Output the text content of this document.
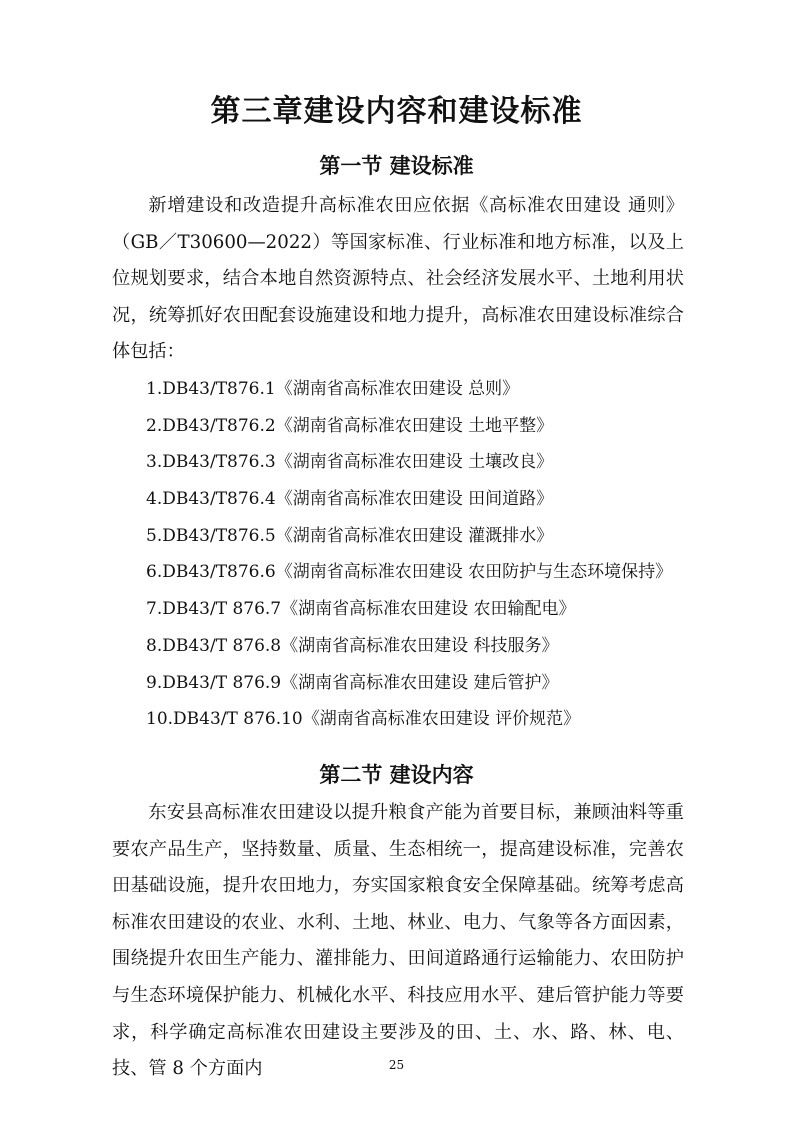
第三章建设内容和建设标准
第一节 建设标准

新增建设和改造提升高标准农田应依据《高标准农田建设 通则》（GB／T30600—2022）等国家标准、行业标准和地方标准，以及上位规划要求，结合本地自然资源特点、社会经济发展水平、土地利用状况，统筹抓好农田配套设施建设和地力提升，高标准农田建设标准综合体包括：

1.DB43/T876.1《湖南省高标准农田建设 总则》
2.DB43/T876.2《湖南省高标准农田建设 土地平整》
3.DB43/T876.3《湖南省高标准农田建设 土壤改良》
4.DB43/T876.4《湖南省高标准农田建设 田间道路》
5.DB43/T876.5《湖南省高标准农田建设 灌溉排水》
6.DB43/T876.6《湖南省高标准农田建设 农田防护与生态环境保持》
7.DB43/T 876.7《湖南省高标准农田建设 农田输配电》
8.DB43/T 876.8《湖南省高标准农田建设 科技服务》
9.DB43/T 876.9《湖南省高标准农田建设 建后管护》
10.DB43/T 876.10《湖南省高标准农田建设 评价规范》
第二节 建设内容

东安县高标准农田建设以提升粮食产能为首要目标，兼顾油料等重要农产品生产，坚持数量、质量、生态相统一，提高建设标准，完善农田基础设施，提升农田地力，夯实国家粮食安全保障基础。统筹考虑高标准农田建设的农业、水利、土地、林业、电力、气象等各方面因素，围绕提升农田生产能力、灌排能力、田间道路通行运输能力、农田防护与生态环境保护能力、机械化水平、科技应用水平、建后管护能力等要求，科学确定高标准农田建设主要涉及的田、土、水、路、林、电、技、管 8 个方面内	25
